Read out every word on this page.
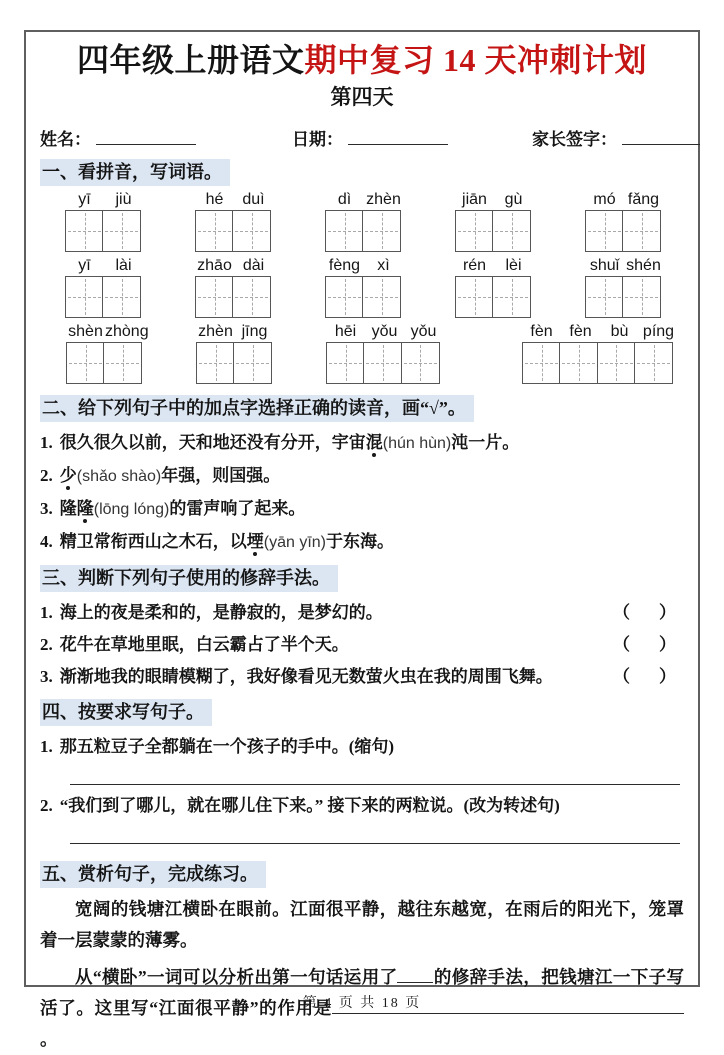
四年级上册语文期中复习 14 天冲刺计划
第四天
姓名：	日期：	家长签字：
一、看拼音，写词语。
yī	jiù	hé	duì	dì zhèn	jiān	gù	mó fǎng
yī	lài	zhāo dài	fèng	xì	rén	lèi	shuǐ shén
shèn zhòng	zhèn jīng	hēi yǒu yǒu	fèn	fèn	bù píng
二、给下列句子中的加点字选择正确的读音，画“√”。
1. 很久很久以前，天和地还没有分开，宇宙混(hún hùn)沌一片。
2. 少(shǎo shào)年强，则国强。
3. 隆隆(lōng lóng)的雷声响了起来。
4. 精卫常衔西山之木石，以堙(yān yīn)于东海。
三、判断下列句子使用的修辞手法。
1. 海上的夜是柔和的，是静寂的，是梦幻的。	（　）
2. 花牛在草地里眠，白云霸占了半个天。	（　）
3. 渐渐地我的眼睛模糊了，我好像看见无数萤火虫在我的周围飞舞。	（　）
四、按要求写句子。
1. 那五粒豆子全都躺在一个孩子的手中。(缩句)
2. “我们到了哪儿，就在哪儿住下来。” 接下来的两粒说。(改为转述句)
五、赏析句子，完成练习。

宽阔的钱塘江横卧在眼前。江面很平静，越往东越宽，在雨后的阳光下，笼罩着一层蒙蒙的薄雾。

从“横卧”一词可以分析出第一句话运用了 的修辞手法，把钱塘江一下子写活了。这里写“江面很平静”的作用是。

第 4 页 共 18 页
